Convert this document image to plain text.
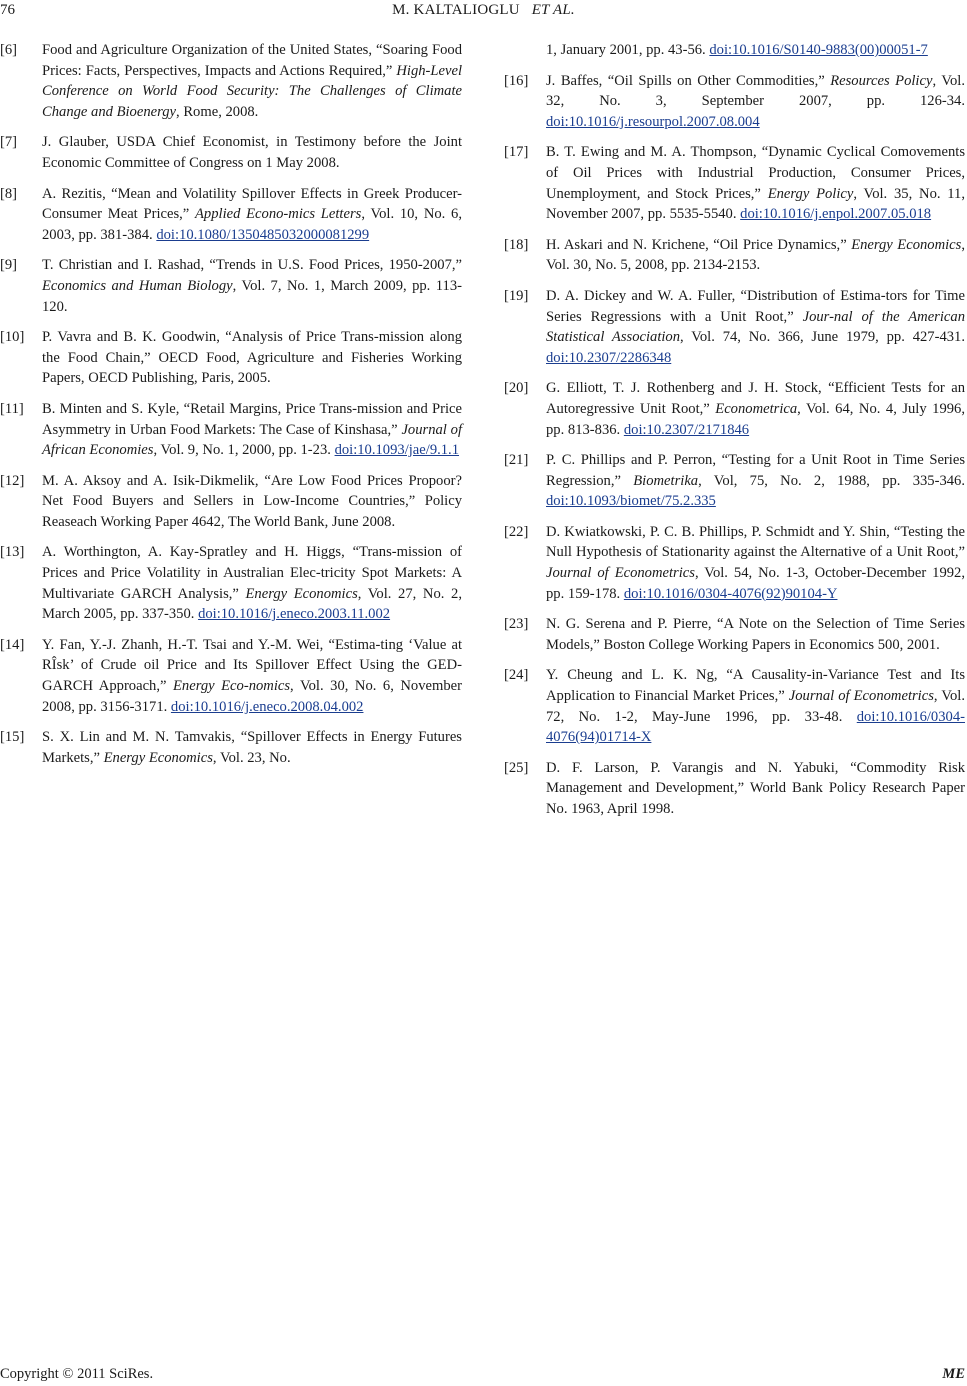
76	M. KALTALIOGLU ET AL.
[6] Food and Agriculture Organization of the United States, “Soaring Food Prices: Facts, Perspectives, Impacts and Actions Required,” High-Level Conference on World Food Security: The Challenges of Climate Change and Bioenergy, Rome, 2008.
[7] J. Glauber, USDA Chief Economist, in Testimony before the Joint Economic Committee of Congress on 1 May 2008.
[8] A. Rezitis, “Mean and Volatility Spillover Effects in Greek Producer-Consumer Meat Prices,” Applied Econo-mics Letters, Vol. 10, No. 6, 2003, pp. 381-384. doi:10.1080/1350485032000081299
[9] T. Christian and I. Rashad, “Trends in U.S. Food Prices, 1950-2007,” Economics and Human Biology, Vol. 7, No. 1, March 2009, pp. 113-120.
[10] P. Vavra and B. K. Goodwin, “Analysis of Price Trans-mission along the Food Chain,” OECD Food, Agriculture and Fisheries Working Papers, OECD Publishing, Paris, 2005.
[11] B. Minten and S. Kyle, “Retail Margins, Price Trans-mission and Price Asymmetry in Urban Food Markets: The Case of Kinshasa,” Journal of African Economies, Vol. 9, No. 1, 2000, pp. 1-23. doi:10.1093/jae/9.1.1
[12] M. A. Aksoy and A. Isik-Dikmelik, “Are Low Food Prices Propoor? Net Food Buyers and Sellers in Low-Income Countries,” Policy Reaseach Working Paper 4642, The World Bank, June 2008.
[13] A. Worthington, A. Kay-Spratley and H. Higgs, “Trans-mission of Prices and Price Volatility in Australian Elec-tricity Spot Markets: A Multivariate GARCH Analysis,” Energy Economics, Vol. 27, No. 2, March 2005, pp. 337-350. doi:10.1016/j.eneco.2003.11.002
[14] Y. Fan, Y.-J. Zhanh, H.-T. Tsai and Y.-M. Wei, “Estima-ting ‘Value at RÎsk’ of Crude oil Price and Its Spillover Effect Using the GED-GARCH Approach,” Energy Eco-nomics, Vol. 30, No. 6, November 2008, pp. 3156-3171. doi:10.1016/j.eneco.2008.04.002
[15] S. X. Lin and M. N. Tamvakis, “Spillover Effects in Energy Futures Markets,” Energy Economics, Vol. 23, No.
1, January 2001, pp. 43-56. doi:10.1016/S0140-9883(00)00051-7
[16] J. Baffes, “Oil Spills on Other Commodities,” Resources Policy, Vol. 32, No. 3, September 2007, pp. 126-34. doi:10.1016/j.resourpol.2007.08.004
[17] B. T. Ewing and M. A. Thompson, “Dynamic Cyclical Comovements of Oil Prices with Industrial Production, Consumer Prices, Unemployment, and Stock Prices,” Energy Policy, Vol. 35, No. 11, November 2007, pp. 5535-5540. doi:10.1016/j.enpol.2007.05.018
[18] H. Askari and N. Krichene, “Oil Price Dynamics,” Energy Economics, Vol. 30, No. 5, 2008, pp. 2134-2153.
[19] D. A. Dickey and W. A. Fuller, “Distribution of Estima-tors for Time Series Regressions with a Unit Root,” Jour-nal of the American Statistical Association, Vol. 74, No. 366, June 1979, pp. 427-431. doi:10.2307/2286348
[20] G. Elliott, T. J. Rothenberg and J. H. Stock, “Efficient Tests for an Autoregressive Unit Root,” Econometrica, Vol. 64, No. 4, July 1996, pp. 813-836. doi:10.2307/2171846
[21] P. C. Phillips and P. Perron, “Testing for a Unit Root in Time Series Regression,” Biometrika, Vol, 75, No. 2, 1988, pp. 335-346. doi:10.1093/biomet/75.2.335
[22] D. Kwiatkowski, P. C. B. Phillips, P. Schmidt and Y. Shin, “Testing the Null Hypothesis of Stationarity against the Alternative of a Unit Root,” Journal of Econometrics, Vol. 54, No. 1-3, October-December 1992, pp. 159-178. doi:10.1016/0304-4076(92)90104-Y
[23] N. G. Serena and P. Pierre, “A Note on the Selection of Time Series Models,” Boston College Working Papers in Economics 500, 2001.
[24] Y. Cheung and L. K. Ng, “A Causality-in-Variance Test and Its Application to Financial Market Prices,” Journal of Econometrics, Vol. 72, No. 1-2, May-June 1996, pp. 33-48. doi:10.1016/0304-4076(94)01714-X
[25] D. F. Larson, P. Varangis and N. Yabuki, “Commodity Risk Management and Development,” World Bank Policy Research Paper No. 1963, April 1998.
Copyright © 2011 SciRes.	ME
